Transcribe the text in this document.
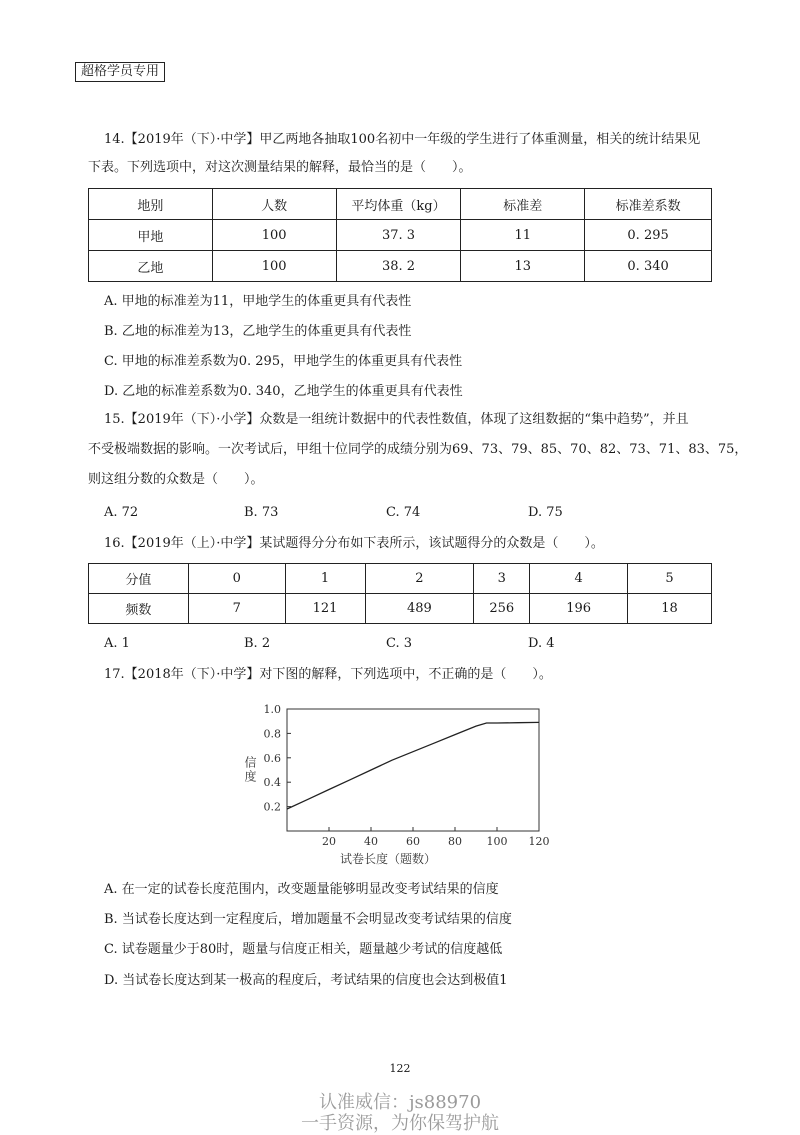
超格学员专用
14.【2019年（下）·中学】甲乙两地各抽取100名初中一年级的学生进行了体重测量，相关的统计结果见
下表。下列选项中，对这次测量结果的解释，最恰当的是（　　）。
地别	人数	平均体重（kg）	标准差	标准差系数
甲地	100	37. 3	11	0. 295
乙地	100	38. 2	13	0. 340
A. 甲地的标准差为11，甲地学生的体重更具有代表性
B. 乙地的标准差为13，乙地学生的体重更具有代表性
C. 甲地的标准差系数为0. 295，甲地学生的体重更具有代表性
D. 乙地的标准差系数为0. 340，乙地学生的体重更具有代表性
15.【2019年（下）·小学】众数是一组统计数据中的代表性数值，体现了这组数据的“集中趋势”，并且
不受极端数据的影响。一次考试后，甲组十位同学的成绩分别为69、73、79、85、70、82、73、71、83、75，
则这组分数的众数是（　　）。
A. 72	B. 73	C. 74	D. 75
16.【2019年（上）·中学】某试题得分分布如下表所示，该试题得分的众数是（　　）。
分值	0	1	2	3	4	5
频数	7	121	489	256	196	18
A. 1	B. 2	C. 3	D. 4
17.【2018年（下）·中学】对下图的解释，下列选项中，不正确的是（　　）。
20	40	60	80 100 120
0.2
0.4
0.6
0.8
1.0
信度
试卷长度（题数）
A. 在一定的试卷长度范围内，改变题量能够明显改变考试结果的信度
B. 当试卷长度达到一定程度后，增加题量不会明显改变考试结果的信度
C. 试卷题量少于80时，题量与信度正相关，题量越少考试的信度越低
D. 当试卷长度达到某一极高的程度后，考试结果的信度也会达到极值1
122
认准威信：js88970
一手资源，为你保驾护航
